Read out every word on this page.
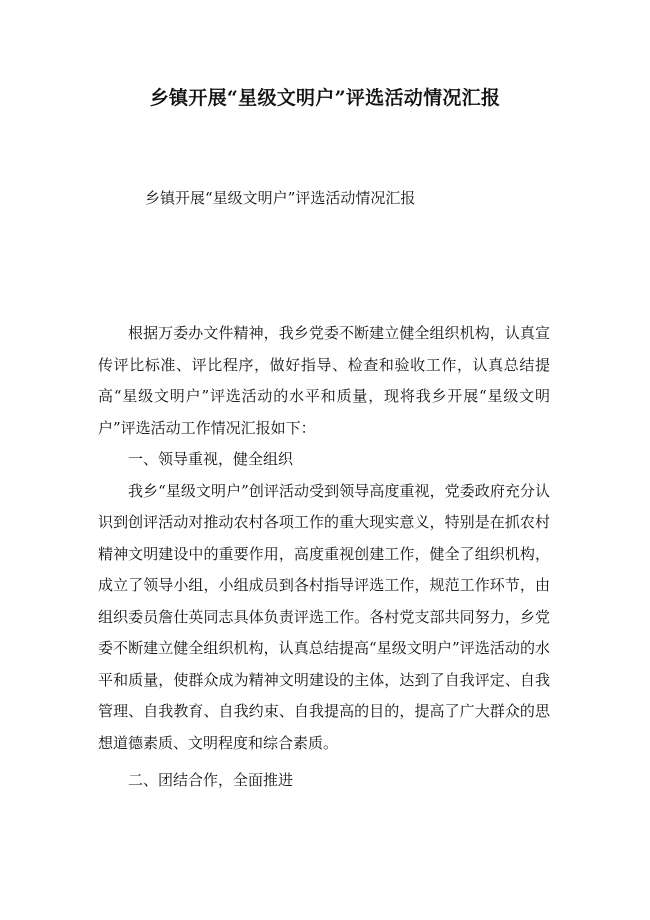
乡镇开展“星级文明户”评选活动情况汇报

乡镇开展“星级文明户”评选活动情况汇报

根据万委办文件精神，我乡党委不断建立健全组织机构，认真宣传评比标准、评比程序，做好指导、检查和验收工作，认真总结提高“星级文明户”评选活动的水平和质量，现将我乡开展“星级文明户”评选活动工作情况汇报如下：

一、领导重视，健全组织

我乡“星级文明户”创评活动受到领导高度重视，党委政府充分认识到创评活动对推动农村各项工作的重大现实意义，特别是在抓农村精神文明建设中的重要作用，高度重视创建工作，健全了组织机构，成立了领导小组，小组成员到各村指导评选工作，规范工作环节，由组织委员詹仕英同志具体负责评选工作。各村党支部共同努力，乡党委不断建立健全组织机构，认真总结提高“星级文明户”评选活动的水平和质量，使群众成为精神文明建设的主体，达到了自我评定、自我管理、自我教育、自我约束、自我提高的目的，提高了广大群众的思想道德素质、文明程度和综合素质。

二、团结合作，全面推进
